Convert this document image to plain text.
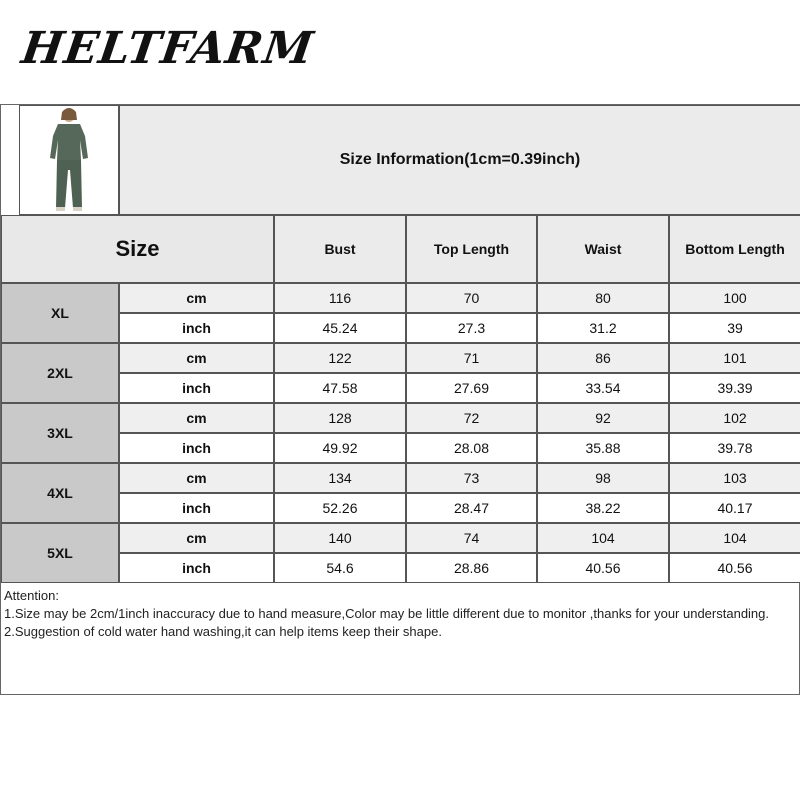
HELTFARM
Size Information(1cm=0.39inch)
Size	Bust	Top Length	Waist	Bottom Length
XL
cm	116	70	80	100
inch	45.24	27.3	31.2	39
2XL
cm	122	71	86	101
inch	47.58	27.69	33.54	39.39
3XL
cm	128	72	92	102
inch	49.92	28.08	35.88	39.78
4XL
cm	134	73	98	103
inch	52.26	28.47	38.22	40.17
5XL
cm	140	74	104	104
inch	54.6	28.86	40.56	40.56

Attention:

1.Size may be 2cm/1inch inaccuracy due to hand measure,Color may be little different due to monitor ,thanks for your understanding.

2.Suggestion of cold water hand washing,it can help items keep their shape.
